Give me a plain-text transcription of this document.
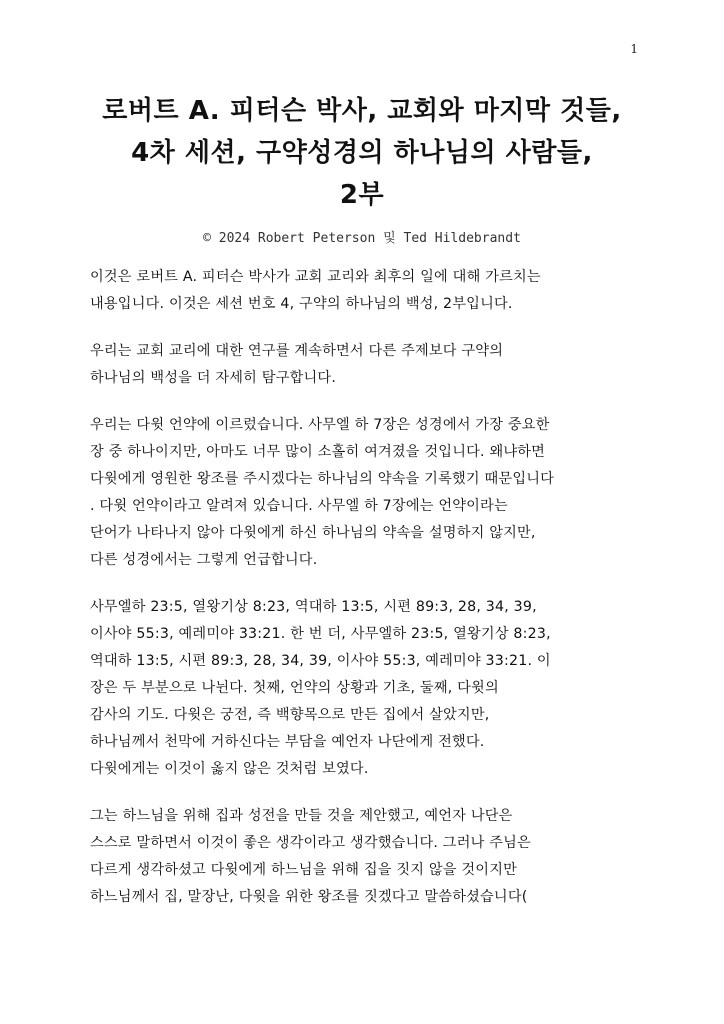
1
로버트 A. 피터슨 박사, 교회와 마지막 것들,
4차 세션, 구약성경의 하나님의 사람들,
2부
© 2024 Robert Peterson 및 Ted Hildebrandt

이것은 로버트 A. 피터슨 박사가 교회 교리와 최후의 일에 대해 가르치는
내용입니다. 이것은 세션 번호 4, 구약의 하나님의 백성, 2부입니다.

우리는 교회 교리에 대한 연구를 계속하면서 다른 주제보다 구약의
하나님의 백성을 더 자세히 탐구합니다.

우리는 다윗 언약에 이르렀습니다. 사무엘 하 7장은 성경에서 가장 중요한
장 중 하나이지만, 아마도 너무 많이 소홀히 여겨졌을 것입니다. 왜냐하면
다윗에게 영원한 왕조를 주시겠다는 하나님의 약속을 기록했기 때문입니다
. 다윗 언약이라고 알려져 있습니다. 사무엘 하 7장에는 언약이라는
단어가 나타나지 않아 다윗에게 하신 하나님의 약속을 설명하지 않지만,
다른 성경에서는 그렇게 언급합니다.

사무엘하 23:5, 열왕기상 8:23, 역대하 13:5, 시편 89:3, 28, 34, 39,
이사야 55:3, 예레미야 33:21. 한 번 더, 사무엘하 23:5, 열왕기상 8:23,
역대하 13:5, 시편 89:3, 28, 34, 39, 이사야 55:3, 예레미야 33:21. 이
장은 두 부분으로 나뉜다. 첫째, 언약의 상황과 기초, 둘째, 다윗의
감사의 기도. 다윗은 궁전, 즉 백향목으로 만든 집에서 살았지만,
하나님께서 천막에 거하신다는 부담을 예언자 나단에게 전했다.
다윗에게는 이것이 옳지 않은 것처럼 보였다.

그는 하느님을 위해 집과 성전을 만들 것을 제안했고, 예언자 나단은
스스로 말하면서 이것이 좋은 생각이라고 생각했습니다. 그러나 주님은
다르게 생각하셨고 다윗에게 하느님을 위해 집을 짓지 않을 것이지만
하느님께서 집, 말장난, 다윗을 위한 왕조를 짓겠다고 말씀하셨습니다(
